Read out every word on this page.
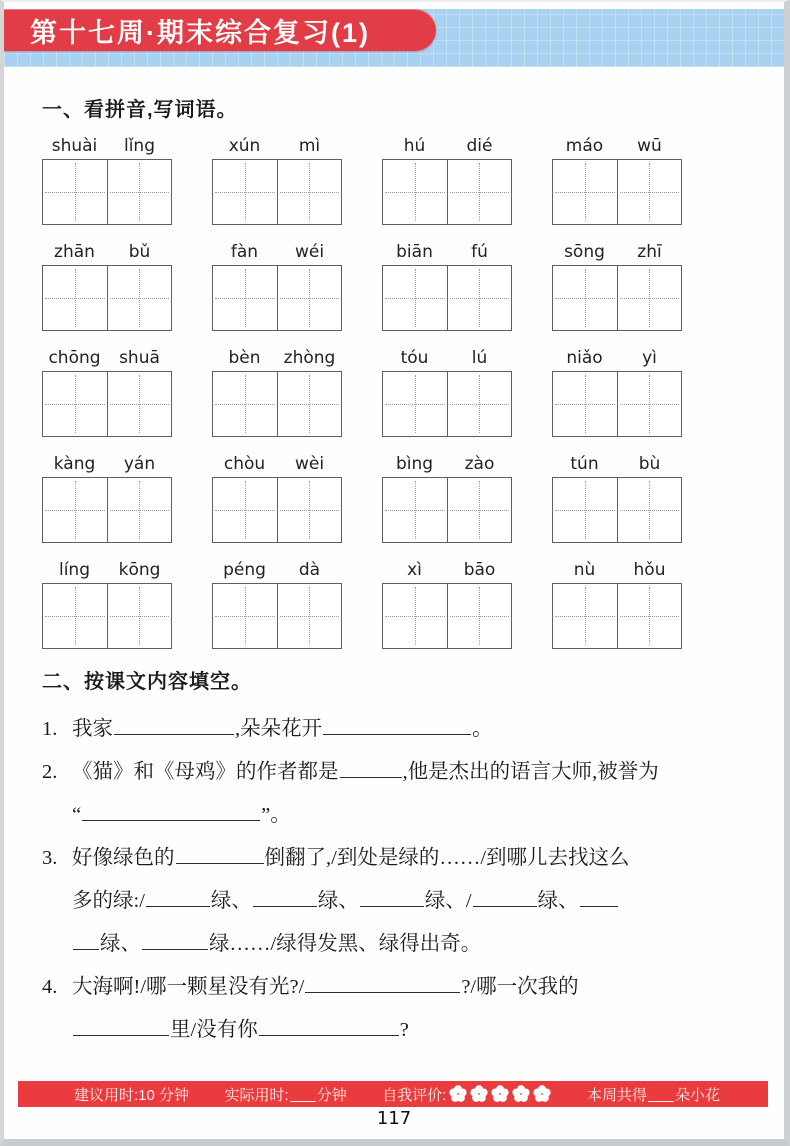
第十七周·期末综合复习(1)
一、看拼音,写词语。
shuài	lǐng	xún	mì	hú	dié	máo	wū
zhān	bǔ	fàn	wéi	biān	fú	sōng	zhī
chōng	shuā	bèn	zhòng	tóu	lú	niǎo	yì
kàng	yán	chòu	wèi	bìng	zào	tún	bù
líng	kōng	péng	dà	xì	bāo	nù	hǒu
二、按课文内容填空。
1. 我家	,朵朵花开	。
2. 《猫》和《母鸡》的作者都是	,他是杰出的语言大师,被誉为
“	”。
3. 好像绿色的	倒翻了,/到处是绿的……/到哪儿去找这么
多的绿:/	绿、	绿、	绿、/	绿、
绿、	绿……/绿得发黑、绿得出奇。
4. 大海啊!/哪一颗星没有光?/	?/哪一次我的
里/没有你	?
建议用时:10 分钟 实际用时: 分钟 自我评价:	本周共得 朵小花
117
